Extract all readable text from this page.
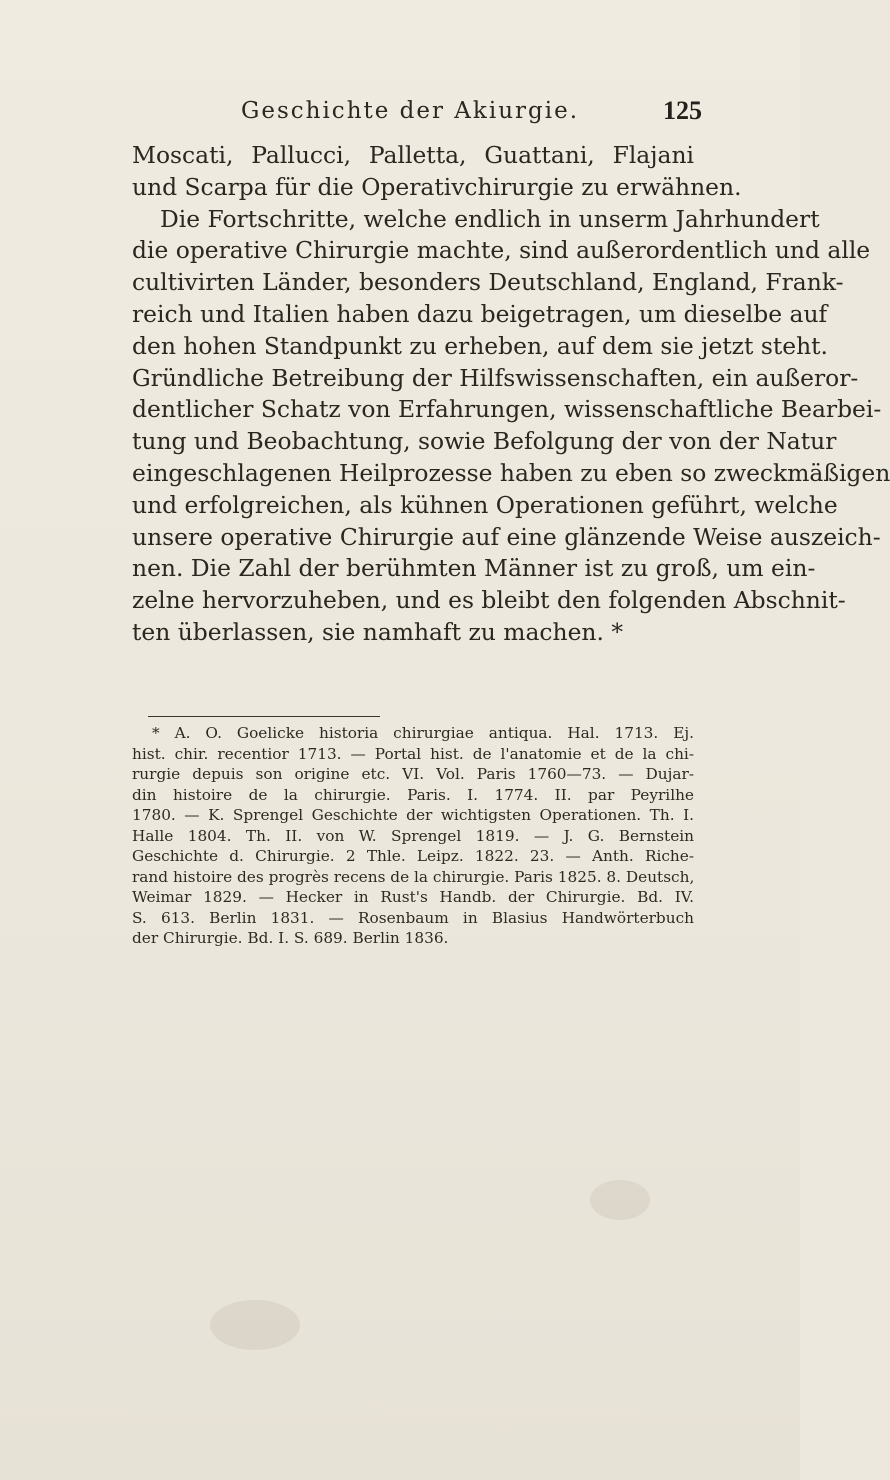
Geschichte der Akiurgie.	125
Moscati, Pallucci, Palletta, Guattani, Flajani
und Scarpa für die Operativchirurgie zu erwähnen.
Die Fortschritte, welche endlich in unserm Jahrhundert
die operative Chirurgie machte, sind außerordentlich und alle
cultivirten Länder, besonders Deutschland, England, Frank-
reich und Italien haben dazu beigetragen, um dieselbe auf
den hohen Standpunkt zu erheben, auf dem sie jetzt steht.
Gründliche Betreibung der Hilfswissenschaften, ein außeror-
dentlicher Schatz von Erfahrungen, wissenschaftliche Bearbei-
tung und Beobachtung, sowie Befolgung der von der Natur
eingeschlagenen Heilprozesse haben zu eben so zweckmäßigen
und erfolgreichen, als kühnen Operationen geführt, welche
unsere operative Chirurgie auf eine glänzende Weise auszeich-
nen. Die Zahl der berühmten Männer ist zu groß, um ein-
zelne hervorzuheben, und es bleibt den folgenden Abschnit-
ten überlassen, sie namhaft zu machen. *
* A. O. Goelicke historia chirurgiae antiqua. Hal. 1713. Ej.
hist. chir. recentior 1713. — Portal hist. de l'anatomie et de la chi-
rurgie depuis son origine etc. VI. Vol. Paris 1760—73. — Dujar-
din histoire de la chirurgie. Paris. I. 1774. II. par Peyrilhe
1780. — K. Sprengel Geschichte der wichtigsten Operationen. Th. I.
Halle 1804. Th. II. von W. Sprengel 1819. — J. G. Bernstein
Geschichte d. Chirurgie. 2 Thle. Leipz. 1822. 23. — Anth. Riche-
rand histoire des progrès recens de la chirurgie. Paris 1825. 8. Deutsch,
Weimar 1829. — Hecker in Rust's Handb. der Chirurgie. Bd. IV.
S. 613. Berlin 1831. — Rosenbaum in Blasius Handwörterbuch
der Chirurgie. Bd. I. S. 689. Berlin 1836.
